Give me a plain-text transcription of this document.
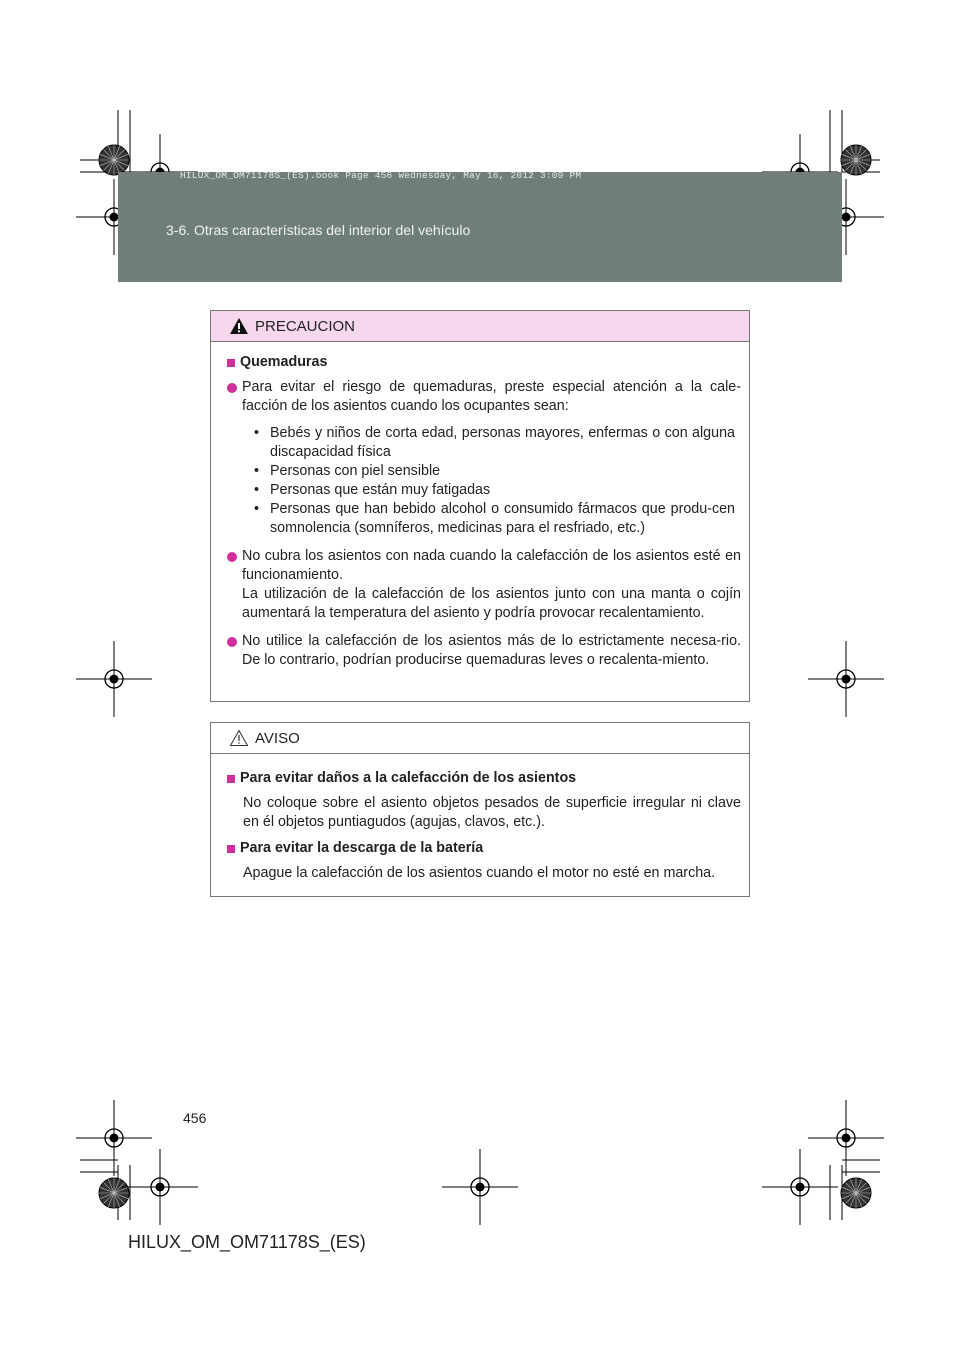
HILUX_OM_OM71178S_(ES).book Page 456 Wednesday, May 16, 2012 3:09 PM
3-6. Otras características del interior del vehículo
PRECAUCION
Quemaduras

Para evitar el riesgo de quemaduras, preste especial atención a la cale-facción de los asientos cuando los ocupantes sean:

• Bebés y niños de corta edad, personas mayores, enfermas o con alguna discapacidad física

• Personas con piel sensible

• Personas que están muy fatigadas

• Personas que han bebido alcohol o consumido fármacos que produ-cen somnolencia (somníferos, medicinas para el resfriado, etc.)

No cubra los asientos con nada cuando la calefacción de los asientos esté en funcionamiento.

La utilización de la calefacción de los asientos junto con una manta o cojín aumentará la temperatura del asiento y podría provocar recalentamiento.

No utilice la calefacción de los asientos más de lo estrictamente necesa-rio. De lo contrario, podrían producirse quemaduras leves o recalenta-miento.

AVISO
Para evitar daños a la calefacción de los asientos

No coloque sobre el asiento objetos pesados de superficie irregular ni clave en él objetos puntiagudos (agujas, clavos, etc.).

Para evitar la descarga de la batería

Apague la calefacción de los asientos cuando el motor no esté en marcha.

456
HILUX_OM_OM71178S_(ES)
